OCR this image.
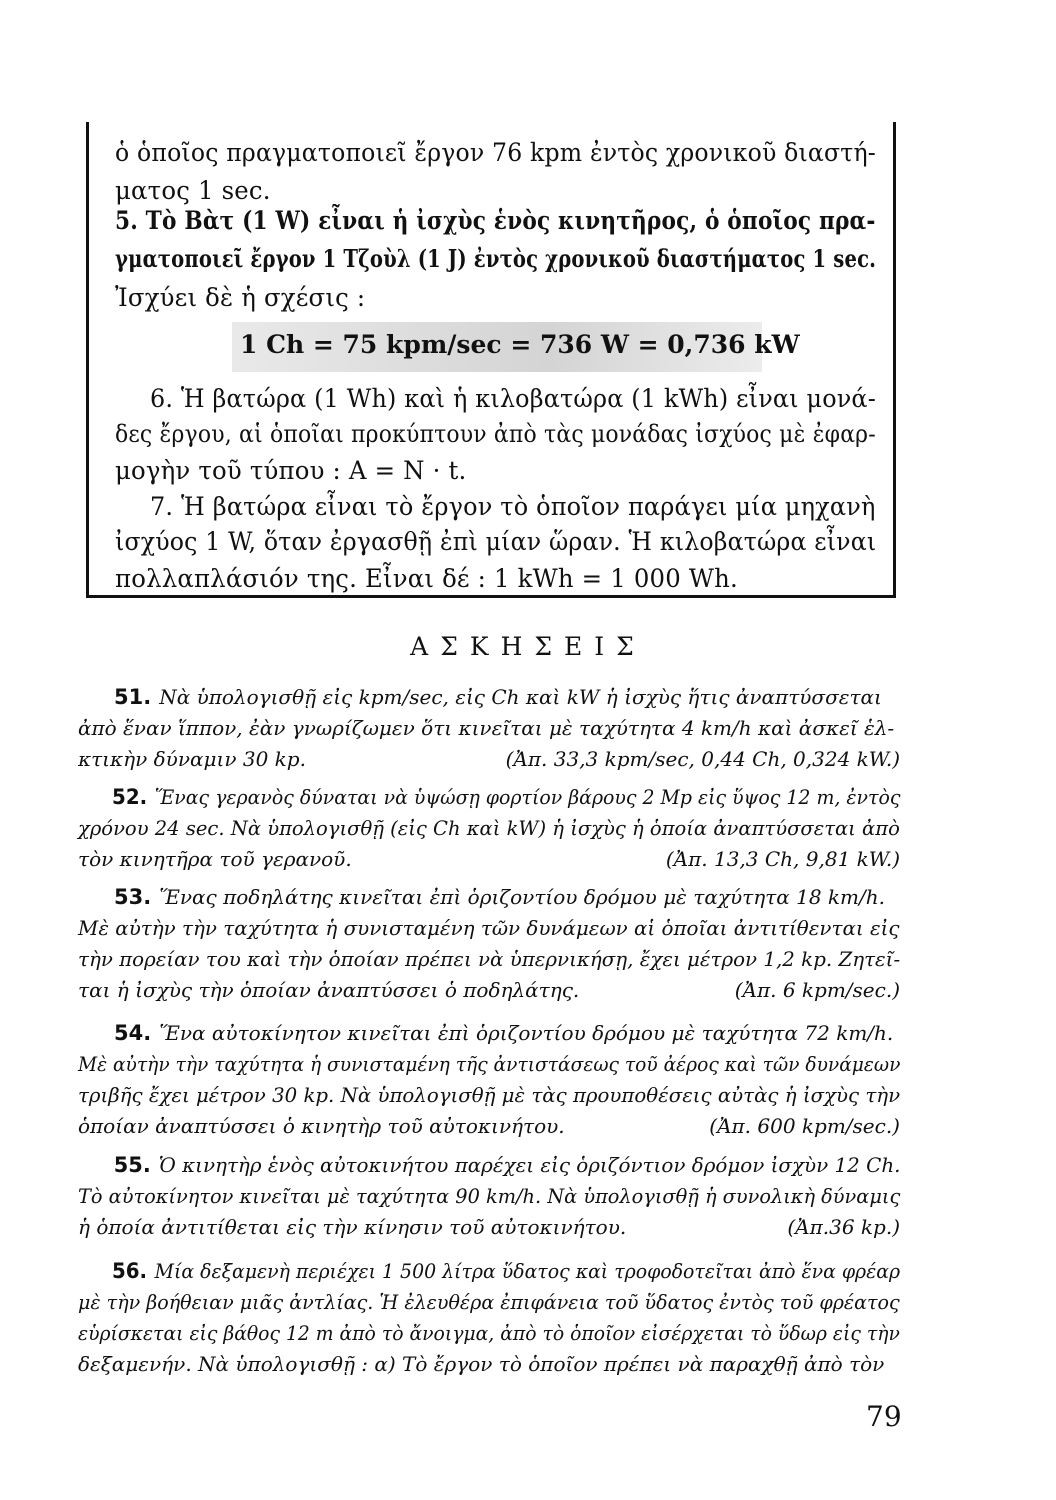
ὁ ὁποῖος πραγματοποιεῖ ἔργον 76 kpm ἐντὸς χρονικοῦ διαστή-
ματος 1 sec.
5. Τὸ Βὰτ (1 W) εἶναι ἡ ἰσχὺς ἑνὸς κινητῆρος, ὁ ὁποῖος πρα-
γματοποιεῖ ἔργον 1 Τζοὺλ (1 J) ἐντὸς χρονικοῦ διαστήματος 1 sec.
Ἰσχύει δὲ ἡ σχέσις :
1 Ch = 75 kpm/sec = 736 W = 0,736 kW
6. Ἡ βατώρα (1 Wh) καὶ ἡ κιλοβατώρα (1 kWh) εἶναι μονά-
δες ἔργου, αἱ ὁποῖαι προκύπτουν ἀπὸ τὰς μονάδας ἰσχύος μὲ ἐφαρ-
μογὴν τοῦ τύπου : A = N · t.
7. Ἡ βατώρα εἶναι τὸ ἔργον τὸ ὁποῖον παράγει μία μηχανὴ
ἰσχύος 1 W, ὅταν ἐργασθῇ ἐπὶ μίαν ὥραν. Ἡ κιλοβατώρα εἶναι
πολλαπλάσιόν της. Εἶναι δέ : 1 kWh = 1 000 Wh.
ΑΣΚΗΣΕΙΣ
51. Νὰ ὑπολογισθῇ εἰς kpm/sec, εἰς Ch καὶ kW ἡ ἰσχὺς ἥτις ἀναπτύσσεται
ἀπὸ ἕναν ἵππον, ἐὰν γνωρίζωμεν ὅτι κινεῖται μὲ ταχύτητα 4 km/h καὶ ἀσκεῖ ἑλ-
κτικὴν δύναμιν 30 kp.	(Ἀπ. 33,3 kpm/sec, 0,44 Ch, 0,324 kW.)
52. Ἕνας γερανὸς δύναται νὰ ὑψώσῃ φορτίον βάρους 2 Mp εἰς ὕψος 12 m, ἐντὸς
χρόνου 24 sec. Νὰ ὑπολογισθῇ (εἰς Ch καὶ kW) ἡ ἰσχὺς ἡ ὁποία ἀναπτύσσεται ἀπὸ
τὸν κινητῆρα τοῦ γερανοῦ.	(Ἀπ. 13,3 Ch, 9,81 kW.)
53. Ἕνας ποδηλάτης κινεῖται ἐπὶ ὁριζοντίου δρόμου μὲ ταχύτητα 18 km/h.
Μὲ αὐτὴν τὴν ταχύτητα ἡ συνισταμένη τῶν δυνάμεων αἱ ὁποῖαι ἀντιτίθενται εἰς
τὴν πορείαν του καὶ τὴν ὁποίαν πρέπει νὰ ὑπερνικήσῃ, ἔχει μέτρον 1,2 kp. Ζητεῖ-
ται ἡ ἰσχὺς τὴν ὁποίαν ἀναπτύσσει ὁ ποδηλάτης.	(Ἀπ. 6 kpm/sec.)
54. Ἕνα αὐτοκίνητον κινεῖται ἐπὶ ὁριζοντίου δρόμου μὲ ταχύτητα 72 km/h.
Μὲ αὐτὴν τὴν ταχύτητα ἡ συνισταμένη τῆς ἀντιστάσεως τοῦ ἀέρος καὶ τῶν δυνάμεων
τριβῆς ἔχει μέτρον 30 kp. Νὰ ὑπολογισθῇ μὲ τὰς προυποθέσεις αὐτὰς ἡ ἰσχὺς τὴν
ὁποίαν ἀναπτύσσει ὁ κινητὴρ τοῦ αὐτοκινήτου.	(Ἀπ. 600 kpm/sec.)
55. Ὁ κινητὴρ ἑνὸς αὐτοκινήτου παρέχει εἰς ὁριζόντιον δρόμον ἰσχὺν 12 Ch.
Τὸ αὐτοκίνητον κινεῖται μὲ ταχύτητα 90 km/h. Νὰ ὑπολογισθῇ ἡ συνολικὴ δύναμις
ἡ ὁποία ἀντιτίθεται εἰς τὴν κίνησιν τοῦ αὐτοκινήτου.	(Ἀπ.36 kp.)
56. Μία δεξαμενὴ περιέχει 1 500 λίτρα ὕδατος καὶ τροφοδοτεῖται ἀπὸ ἕνα φρέαρ
μὲ τὴν βοήθειαν μιᾶς ἀντλίας. Ἡ ἐλευθέρα ἐπιφάνεια τοῦ ὕδατος ἐντὸς τοῦ φρέατος
εὑρίσκεται εἰς βάθος 12 m ἀπὸ τὸ ἄνοιγμα, ἀπὸ τὸ ὁποῖον εἰσέρχεται τὸ ὕδωρ εἰς τὴν
δεξαμενήν. Νὰ ὑπολογισθῇ : α) Τὸ ἔργον τὸ ὁποῖον πρέπει νὰ παραχθῇ ἀπὸ τὸν
79
